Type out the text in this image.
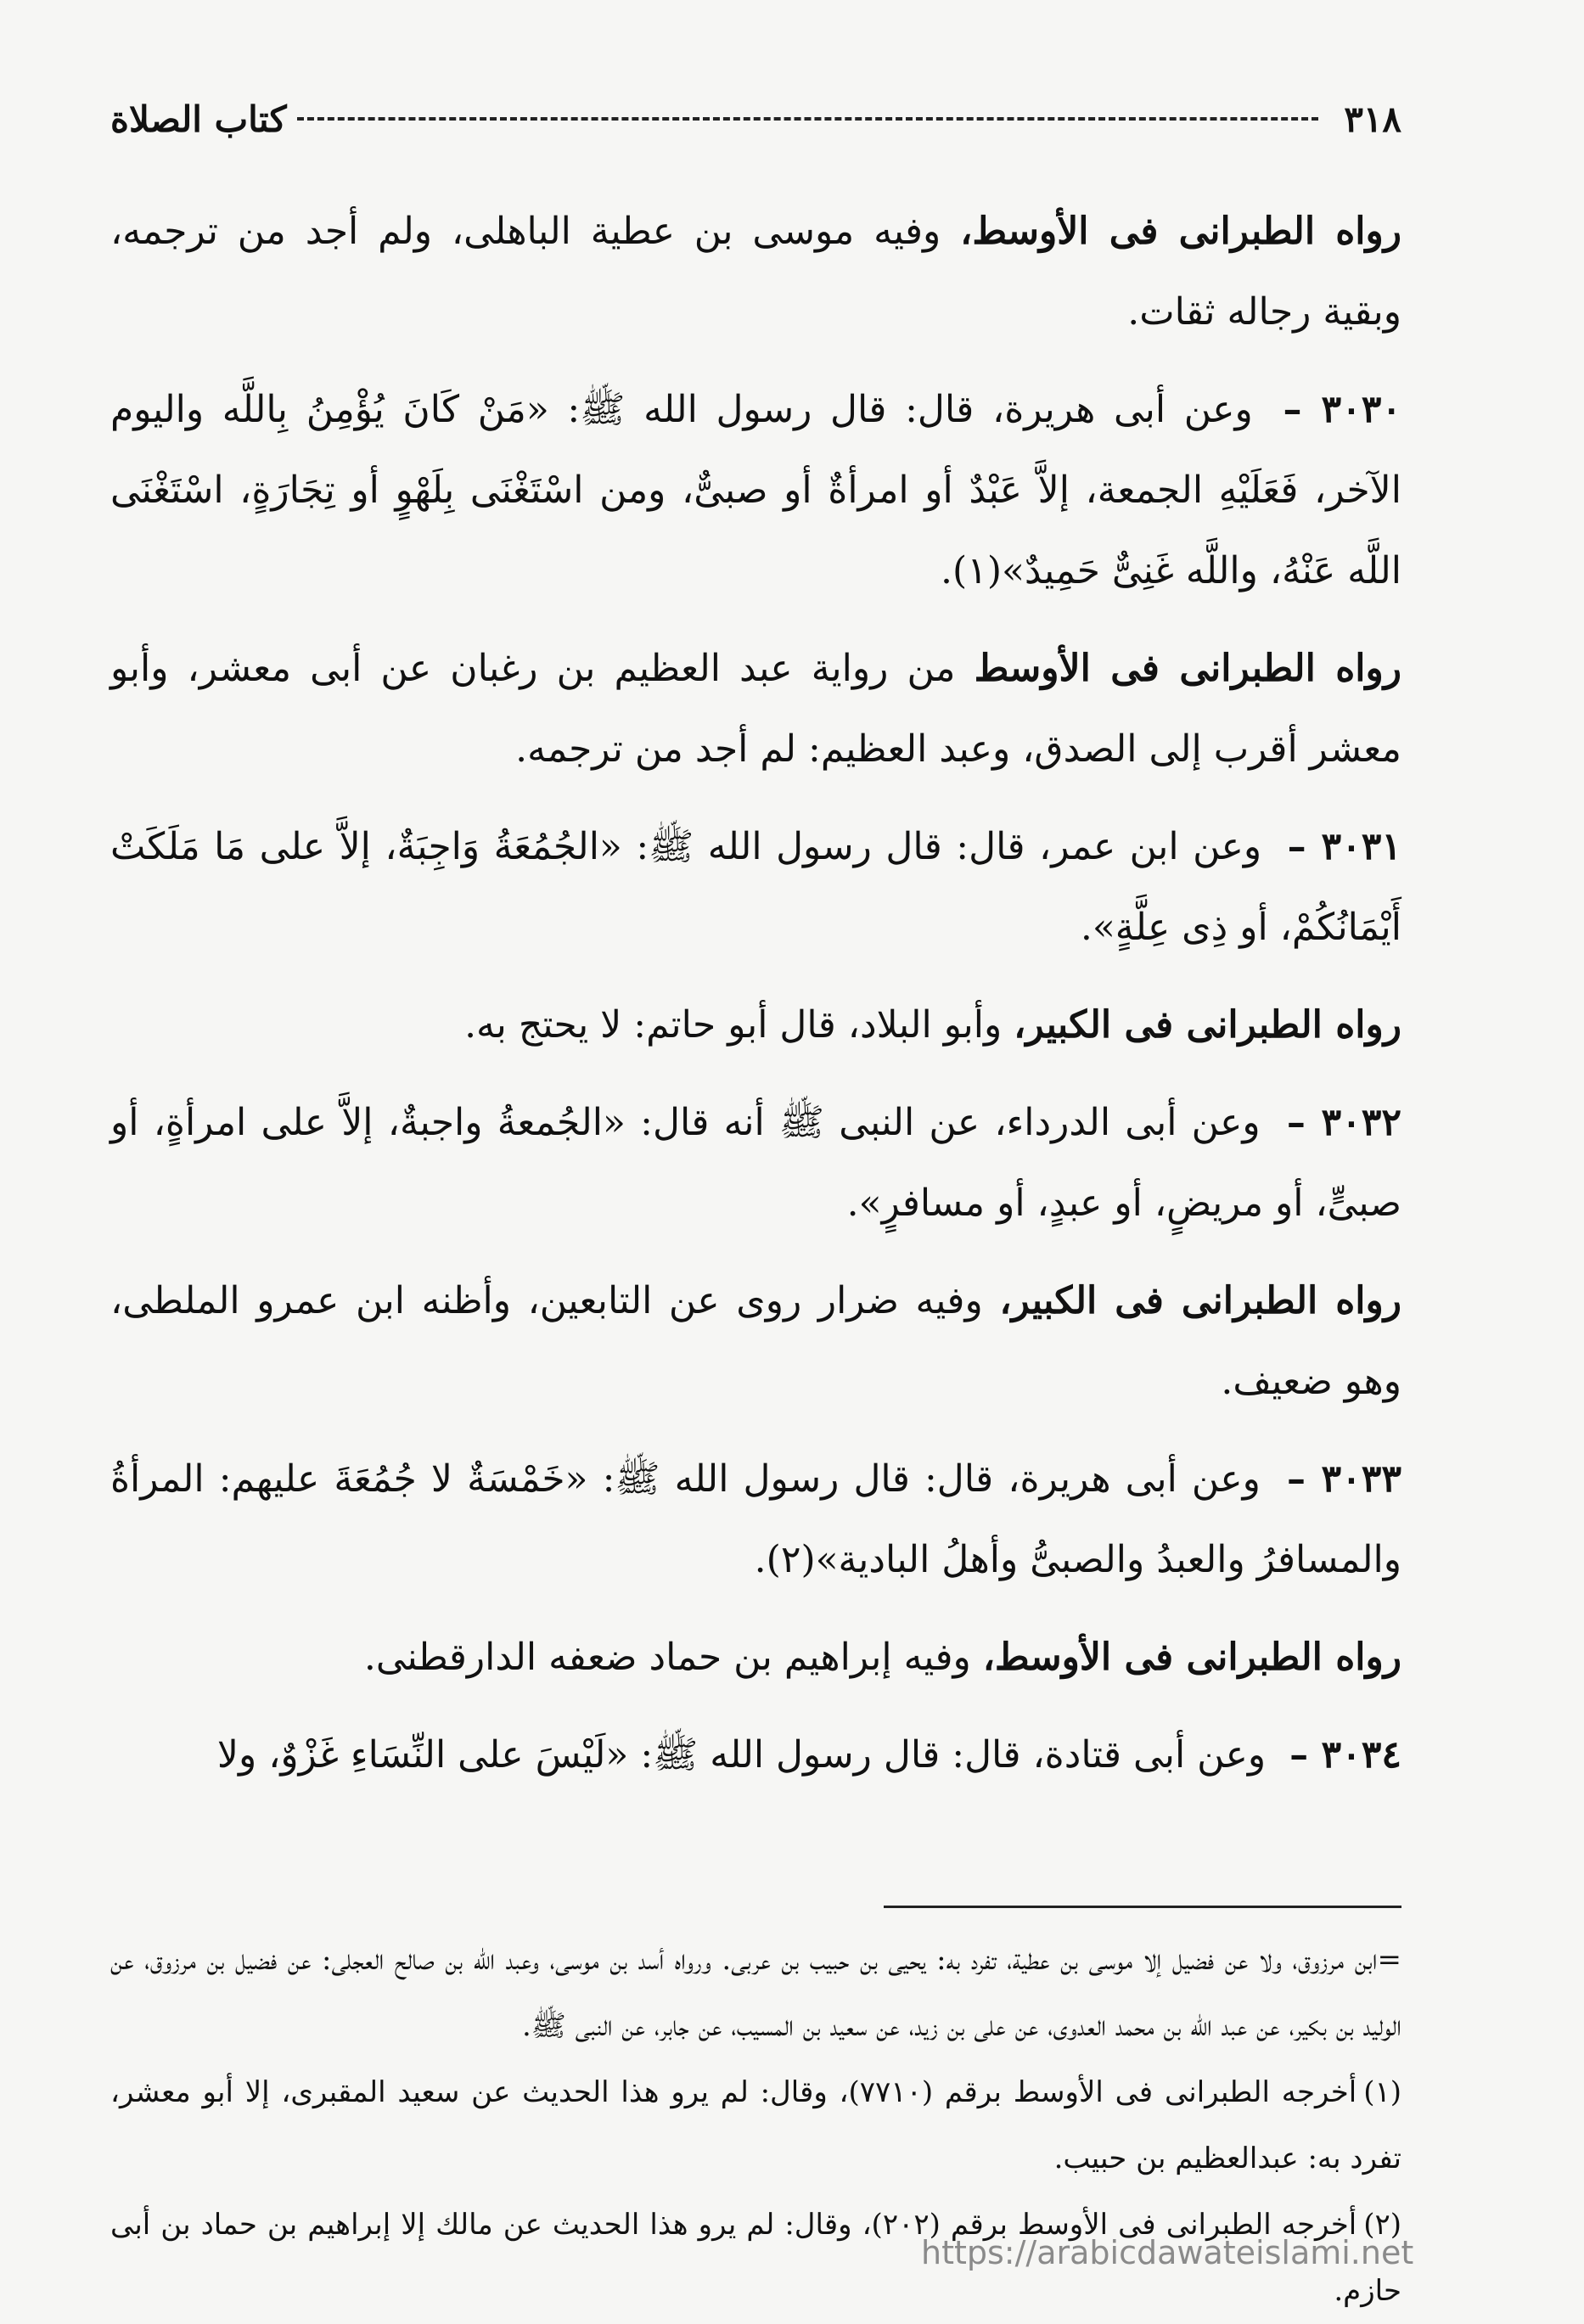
٣١٨
كتاب الصلاة

رواه الطبرانى فى الأوسط، وفيه موسى بن عطية الباهلى، ولم أجد من ترجمه، وبقية رجاله ثقات.

٣٠٣٠ – وعن أبى هريرة، قال: قال رسول الله ﷺ: «مَنْ كَانَ يُؤْمِنُ بِاللَّه واليوم الآخر، فَعَلَيْهِ الجمعة، إلاَّ عَبْدٌ أو امرأةٌ أو صبىٌّ، ومن اسْتَغْنَى بِلَهْوٍ أو تِجَارَةٍ، اسْتَغْنَى اللَّه عَنْهُ، واللَّه غَنِىٌّ حَمِيدٌ»(١).

رواه الطبرانى فى الأوسط من رواية عبد العظيم بن رغبان عن أبى معشر، وأبو معشر أقرب إلى الصدق، وعبد العظيم: لم أجد من ترجمه.

٣٠٣١ – وعن ابن عمر، قال: قال رسول الله ﷺ: «الجُمُعَةُ وَاجِبَةٌ، إلاَّ على مَا مَلَكَتْ أَيْمَانُكُمْ، أو ذِى عِلَّةٍ».

رواه الطبرانى فى الكبير، وأبو البلاد، قال أبو حاتم: لا يحتج به.

٣٠٣٢ – وعن أبى الدرداء، عن النبى ﷺ أنه قال: «الجُمعةُ واجبةٌ، إلاَّ على امرأةٍ، أو صبىٍّ، أو مريضٍ، أو عبدٍ، أو مسافرٍ».

رواه الطبرانى فى الكبير، وفيه ضرار روى عن التابعين، وأظنه ابن عمرو الملطى، وهو ضعيف.

٣٠٣٣ – وعن أبى هريرة، قال: قال رسول الله ﷺ: «خَمْسَةٌ لا جُمُعَةَ عليهم: المرأةُ والمسافرُ والعبدُ والصبىُّ وأهلُ البادية»(٢).

رواه الطبرانى فى الأوسط، وفيه إبراهيم بن حماد ضعفه الدارقطنى.

٣٠٣٤ – وعن أبى قتادة، قال: قال رسول الله ﷺ: «لَيْسَ على النِّسَاءِ غَزْوٌ، ولا

=ابن مرزوق، ولا عن فضيل إلا موسى بن عطية، تفرد به: يحيى بن حبيب بن عربى. ورواه أسد بن موسى، وعبد الله بن صالح العجلى: عن فضيل بن مرزوق، عن الوليد بن بكير، عن عبد الله بن محمد العدوى، عن على بن زيد، عن سعيد بن المسيب، عن جابر، عن النبى ﷺ.

(١)أخرجه الطبرانى فى الأوسط برقم (٧٧١٠)، وقال: لم يرو هذا الحديث عن سعيد المقبرى، إلا أبو معشر، تفرد به: عبدالعظيم بن حبيب.

(٢)أخرجه الطبرانى فى الأوسط برقم (٢٠٢)، وقال: لم يرو هذا الحديث عن مالك إلا إبراهيم بن حماد بن أبى حازم.

https://arabicdawateislami.net
